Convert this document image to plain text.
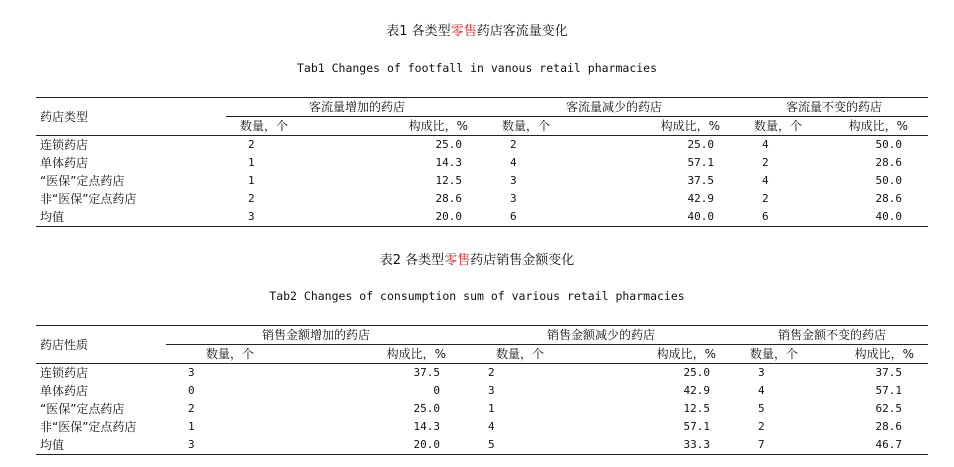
表1 各类型零售药店客流量变化
Tab1 Changes of footfall in vanous retail pharmacies
药店类型	客流量增加的药店		客流量减少的药店		客流量不变的药店	
	数量，个	构成比，%	数量，个	构成比，%	数量，个	构成比，%
连锁药店	2	25.0	2	25.0	4	50.0
单体药店	1	14.3	4	57.1	2	28.6
“医保”定点药店	1	12.5	3	37.5	4	50.0
非“医保”定点药店	2	28.6	3	42.9	2	28.6
均值	3	20.0	6	40.0	6	40.0
表2 各类型零售药店销售金额变化
Tab2 Changes of consumption sum of various retail pharmacies
药店性质	销售金额增加的药店		销售金额减少的药店		销售金额不变的药店	
	数量，个	构成比，%	数量，个	构成比，%	数量，个	构成比，%
连锁药店	3	37.5	2	25.0	3	37.5
单体药店	0	0	3	42.9	4	57.1
“医保”定点药店	2	25.0	1	12.5	5	62.5
非“医保”定点药店	1	14.3	4	57.1	2	28.6
均值	3	20.0	5	33.3	7	46.7
